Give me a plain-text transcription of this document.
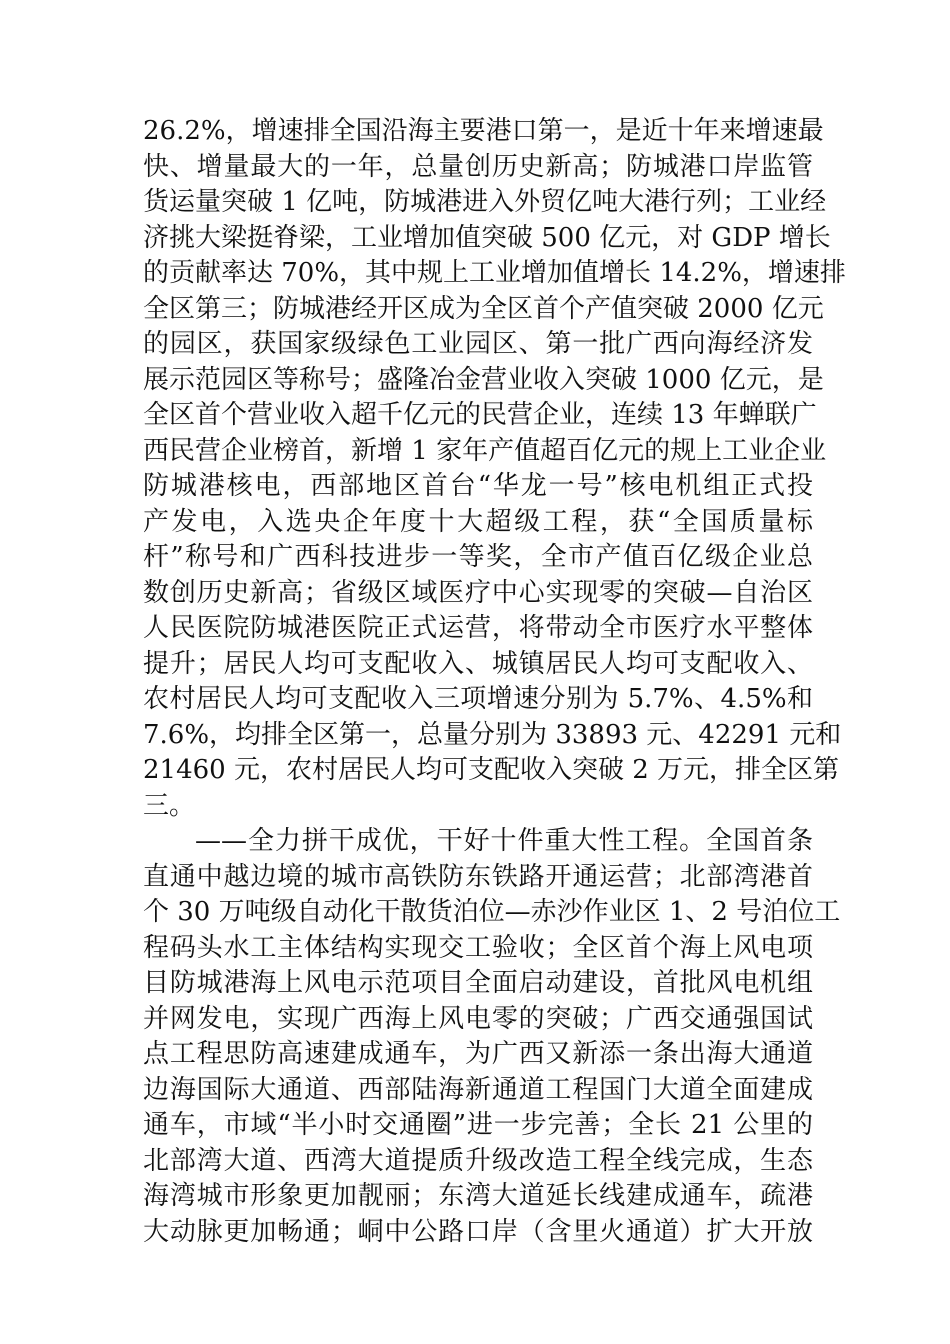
26.2%，增速排全国沿海主要港口第一，是近十年来增速最
快、增量最大的一年，总量创历史新高；防城港口岸监管
货运量突破 1 亿吨，防城港进入外贸亿吨大港行列；工业经
济挑大梁挺脊梁，工业增加值突破 500 亿元，对 GDP 增长
的贡献率达 70%，其中规上工业增加值增长 14.2%，增速排
全区第三；防城港经开区成为全区首个产值突破 2000 亿元
的园区，获国家级绿色工业园区、第一批广西向海经济发
展示范园区等称号；盛隆冶金营业收入突破 1000 亿元，是
全区首个营业收入超千亿元的民营企业，连续 13 年蝉联广
西民营企业榜首，新增 1 家年产值超百亿元的规上工业企业
防城港核电，西部地区首台“华龙一号”核电机组正式投
产发电，入选央企年度十大超级工程，获“全国质量标
杆”称号和广西科技进步一等奖，全市产值百亿级企业总
数创历史新高；省级区域医疗中心实现零的突破—自治区
人民医院防城港医院正式运营，将带动全市医疗水平整体
提升；居民人均可支配收入、城镇居民人均可支配收入、
农村居民人均可支配收入三项增速分别为 5.7%、4.5%和
7.6%，均排全区第一，总量分别为 33893 元、42291 元和
21460 元，农村居民人均可支配收入突破 2 万元，排全区第
三。
——全力拼干成优，干好十件重大性工程。全国首条
直通中越边境的城市高铁防东铁路开通运营；北部湾港首
个 30 万吨级自动化干散货泊位—赤沙作业区 1、2 号泊位工
程码头水工主体结构实现交工验收；全区首个海上风电项
目防城港海上风电示范项目全面启动建设，首批风电机组
并网发电，实现广西海上风电零的突破；广西交通强国试
点工程思防高速建成通车，为广西又新添一条出海大通道
边海国际大通道、西部陆海新通道工程国门大道全面建成
通车，市域“半小时交通圈”进一步完善；全长 21 公里的
北部湾大道、西湾大道提质升级改造工程全线完成，生态
海湾城市形象更加靓丽；东湾大道延长线建成通车，疏港
大动脉更加畅通；峒中公路口岸（含里火通道）扩大开放
